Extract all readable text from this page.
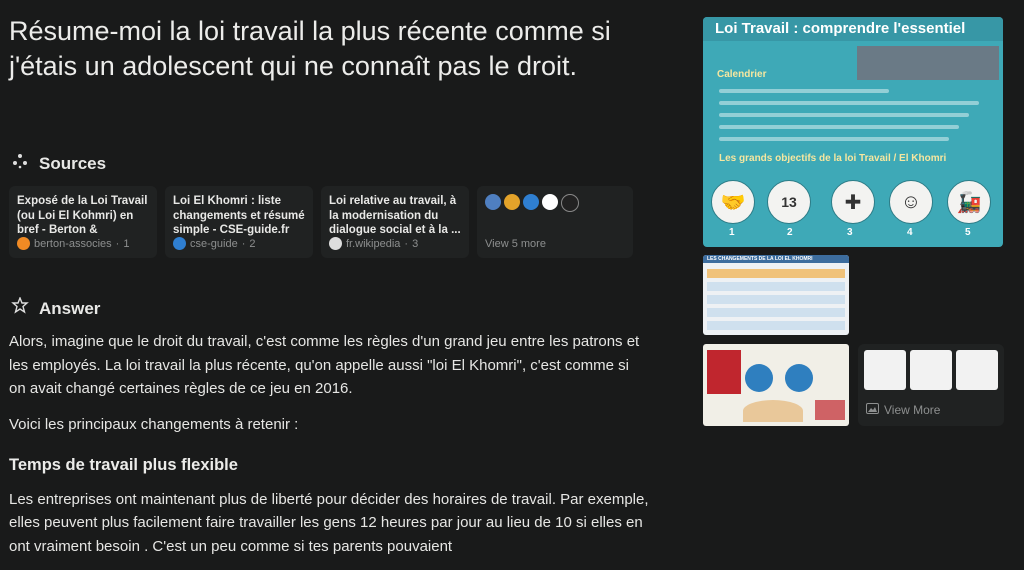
Résume-moi la loi travail la plus récente comme si j'étais un adolescent qui ne connaît pas le droit.
Sources
Exposé de la Loi Travail (ou Loi El Kohmri) en bref - Berton &
berton-associes · 1
Loi El Khomri : liste changements et résumé simple - CSE-guide.fr
cse-guide · 2
Loi relative au travail, à la modernisation du dialogue social et à la ...
fr.wikipedia · 3	View 5 more
Answer

Alors, imagine que le droit du travail, c'est comme les règles d'un grand jeu entre les patrons et les employés. La loi travail la plus récente, qu'on appelle aussi "loi El Khomri", c'est comme si on avait changé certaines règles de ce jeu en 2016.

Voici les principaux changements à retenir :

Temps de travail plus flexible

Les entreprises ont maintenant plus de liberté pour décider des horaires de travail. Par exemple, elles peuvent plus facilement faire travailler les gens 12 heures par jour au lieu de 10 si elles en ont vraiment besoin . C'est un peu comme si tes parents pouvaient

Loi Travail : comprendre l'essentiel
Calendrier
Les grands objectifs de la loi Travail / El Khomri
🤝	13	✚	☺	🚂
1	2	3	4	5
LES CHANGEMENTS DE LA LOI EL KHOMRI
View More
